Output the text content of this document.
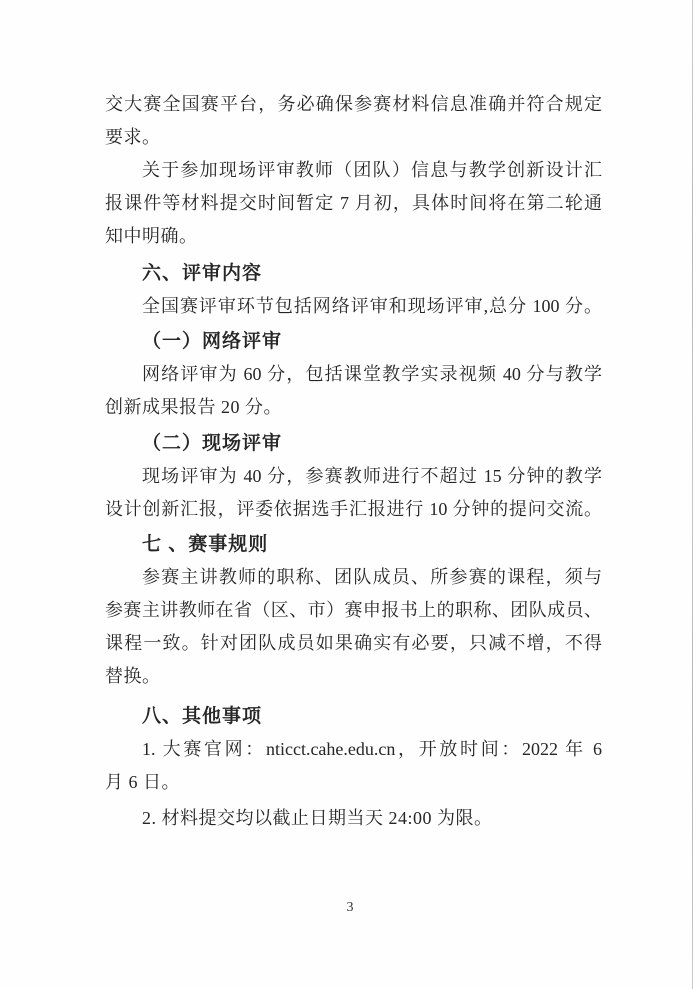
交大赛全国赛平台，务必确保参赛材料信息准确并符合规定
要求。
关于参加现场评审教师（团队）信息与教学创新设计汇
报课件等材料提交时间暂定 7 月初，具体时间将在第二轮通
知中明确。
六、评审内容
全国赛评审环节包括网络评审和现场评审,总分 100 分。
（一）网络评审
网络评审为 60 分，包括课堂教学实录视频 40 分与教学
创新成果报告 20 分。
（二）现场评审
现场评审为 40 分，参赛教师进行不超过 15 分钟的教学
设计创新汇报，评委依据选手汇报进行 10 分钟的提问交流。
七 、赛事规则
参赛主讲教师的职称、团队成员、所参赛的课程，须与
参赛主讲教师在省（区、市）赛申报书上的职称、团队成员、
课程一致。针对团队成员如果确实有必要，只减不增，不得
替换。
八、其他事项
1. 大赛官网：nticct.cahe.edu.cn，开放时间：2022 年 6
月 6 日。
2. 材料提交均以截止日期当天 24:00 为限。
3
